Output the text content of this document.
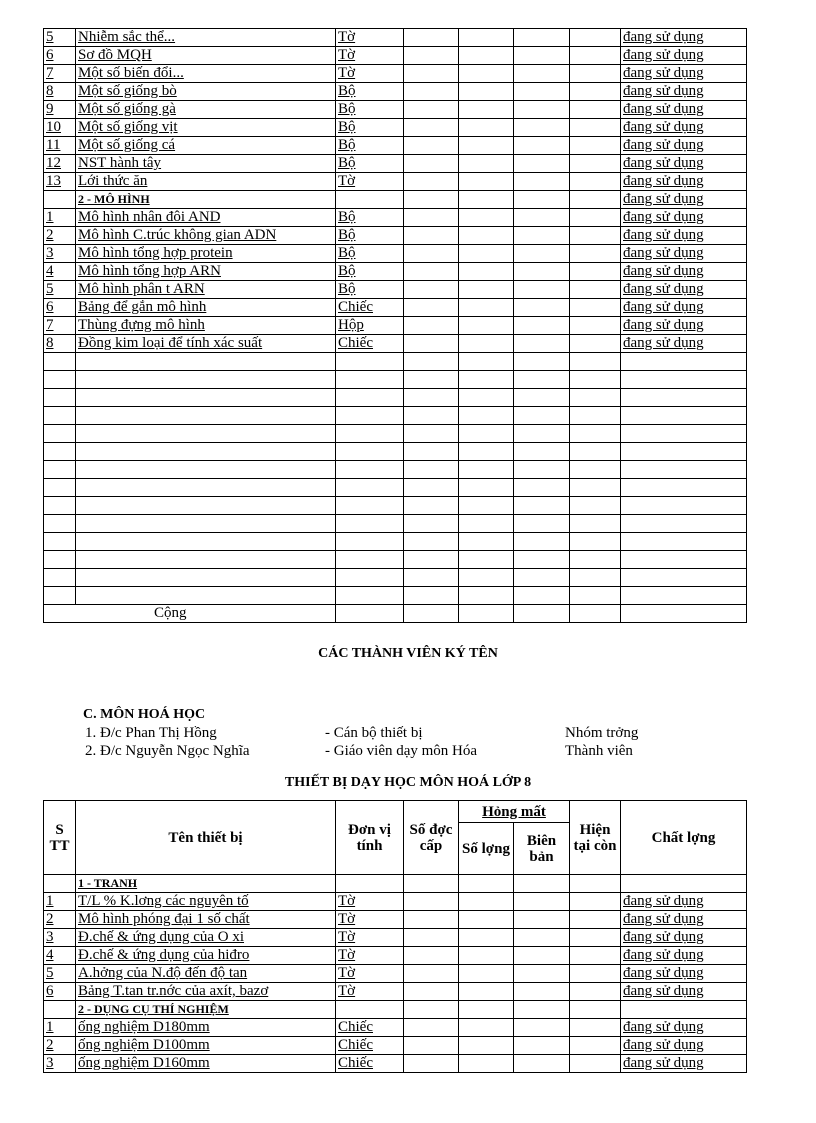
5	Nhiễm sắc thể...	Tờ					đang sử dụng
6	Sơ đồ MQH	Tờ					đang sử dụng
7	Một số biến đổi...	Tờ					đang sử dụng
8	Một số giống bò	Bộ					đang sử dụng
9	Một số giống gà	Bộ					đang sử dụng
10	Một số giống vịt	Bộ					đang sử dụng
11	Một số giống cá	Bộ					đang sử dụng
12	NST hành tây	Bộ					đang sử dụng
13	Lới thức ăn	Tờ					đang sử dụng
	2 - MÔ HÌNH						đang sử dụng
1	Mô hình nhân đôi AND	Bộ					đang sử dụng
2	Mô hình C.trúc không gian ADN	Bộ					đang sử dụng
3	Mô hình tổng hợp protein	Bộ					đang sử dụng
4	Mô hình tổng hợp ARN	Bộ					đang sử dụng
5	Mô hình phân t ARN	Bộ					đang sử dụng
6	Bảng để gắn mô hình	Chiếc					đang sử dụng
7	Thùng đựng mô hình	Hộp					đang sử dụng
8	Đồng kim loại để tính xác suất	Chiếc					đang sử dụng

Cộng							
CÁC THÀNH VIÊN KÝ TÊN
C. MÔN HOÁ HỌC
1. Đ/c Phan Thị Hồng	- Cán bộ thiết bị	Nhóm trởng
2. Đ/c Nguyễn Ngọc Nghĩa	- Giáo viên dạy môn Hóa	Thành viên
THIẾT BỊ DẠY HỌC MÔN HOÁ LỚP 8
S TT	Tên thiết bị	Đơn vị tính	Số đợc cấp	Hỏng mất		Hiện tại còn	Chất lợng
				Số lợng	Biên bản		
	1 - TRANH						
1	T/L % K.lơng các nguyên tố	Tờ					đang sử dụng
2	Mô hình phóng đại 1 số chất	Tờ					đang sử dụng
3	Đ.chế & ứng dụng của O xi	Tờ					đang sử dụng
4	Đ.chế & ứng dụng của hiđro	Tờ					đang sử dụng
5	A.hởng của N.độ đến độ tan	Tờ					đang sử dụng
6	Bảng T.tan tr.nớc của axít, bazơ	Tờ					đang sử dụng
	2 - DỤNG CỤ THÍ NGHIỆM						
1	ống nghiệm D180mm	Chiếc					đang sử dụng
2	ống nghiệm D100mm	Chiếc					đang sử dụng
3	ống nghiệm D160mm	Chiếc					đang sử dụng
